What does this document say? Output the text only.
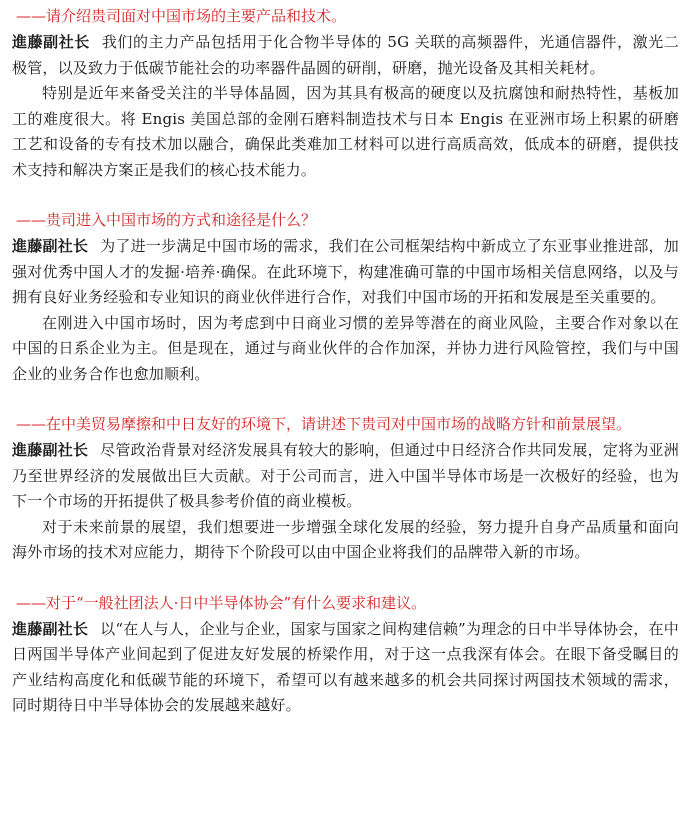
——请介绍贵司面对中国市场的主要产品和技术。

進藤副社长 我们的主力产品包括用于化合物半导体的 5G 关联的高频器件，光通信器件，激光二极管，以及致力于低碳节能社会的功率器件晶圆的研削，研磨，抛光设备及其相关耗材。

特别是近年来备受关注的半导体晶圆，因为其具有极高的硬度以及抗腐蚀和耐热特性，基板加工的难度很大。将 Engis 美国总部的金刚石磨料制造技术与日本 Engis 在亚洲市场上积累的研磨工艺和设备的专有技术加以融合，确保此类难加工材料可以进行高质高效，低成本的研磨，提供技术支持和解决方案正是我们的核心技术能力。

——贵司进入中国市场的方式和途径是什么？

進藤副社长 为了进一步满足中国市场的需求，我们在公司框架结构中新成立了东亚事业推进部，加强对优秀中国人才的发掘·培养·确保。在此环境下，构建准确可靠的中国市场相关信息网络，以及与拥有良好业务经验和专业知识的商业伙伴进行合作，对我们中国市场的开拓和发展是至关重要的。

在刚进入中国市场时，因为考虑到中日商业习惯的差异等潜在的商业风险，主要合作对象以在中国的日系企业为主。但是现在，通过与商业伙伴的合作加深，并协力进行风险管控，我们与中国企业的业务合作也愈加顺利。

——在中美贸易摩擦和中日友好的环境下，请讲述下贵司对中国市场的战略方针和前景展望。

進藤副社长 尽管政治背景对经济发展具有较大的影响，但通过中日经济合作共同发展，定将为亚洲乃至世界经济的发展做出巨大贡献。对于公司而言，进入中国半导体市场是一次极好的经验，也为下一个市场的开拓提供了极具参考价值的商业模板。

对于未来前景的展望，我们想要进一步增强全球化发展的经验，努力提升自身产品质量和面向海外市场的技术对应能力，期待下个阶段可以由中国企业将我们的品牌带入新的市场。

——对于“一般社团法人·日中半导体协会”有什么要求和建议。

進藤副社长 以“在人与人，企业与企业，国家与国家之间构建信赖”为理念的日中半导体协会，在中日两国半导体产业间起到了促进友好发展的桥梁作用，对于这一点我深有体会。在眼下备受瞩目的产业结构高度化和低碳节能的环境下，希望可以有越来越多的机会共同探讨两国技术领域的需求，同时期待日中半导体协会的发展越来越好。
